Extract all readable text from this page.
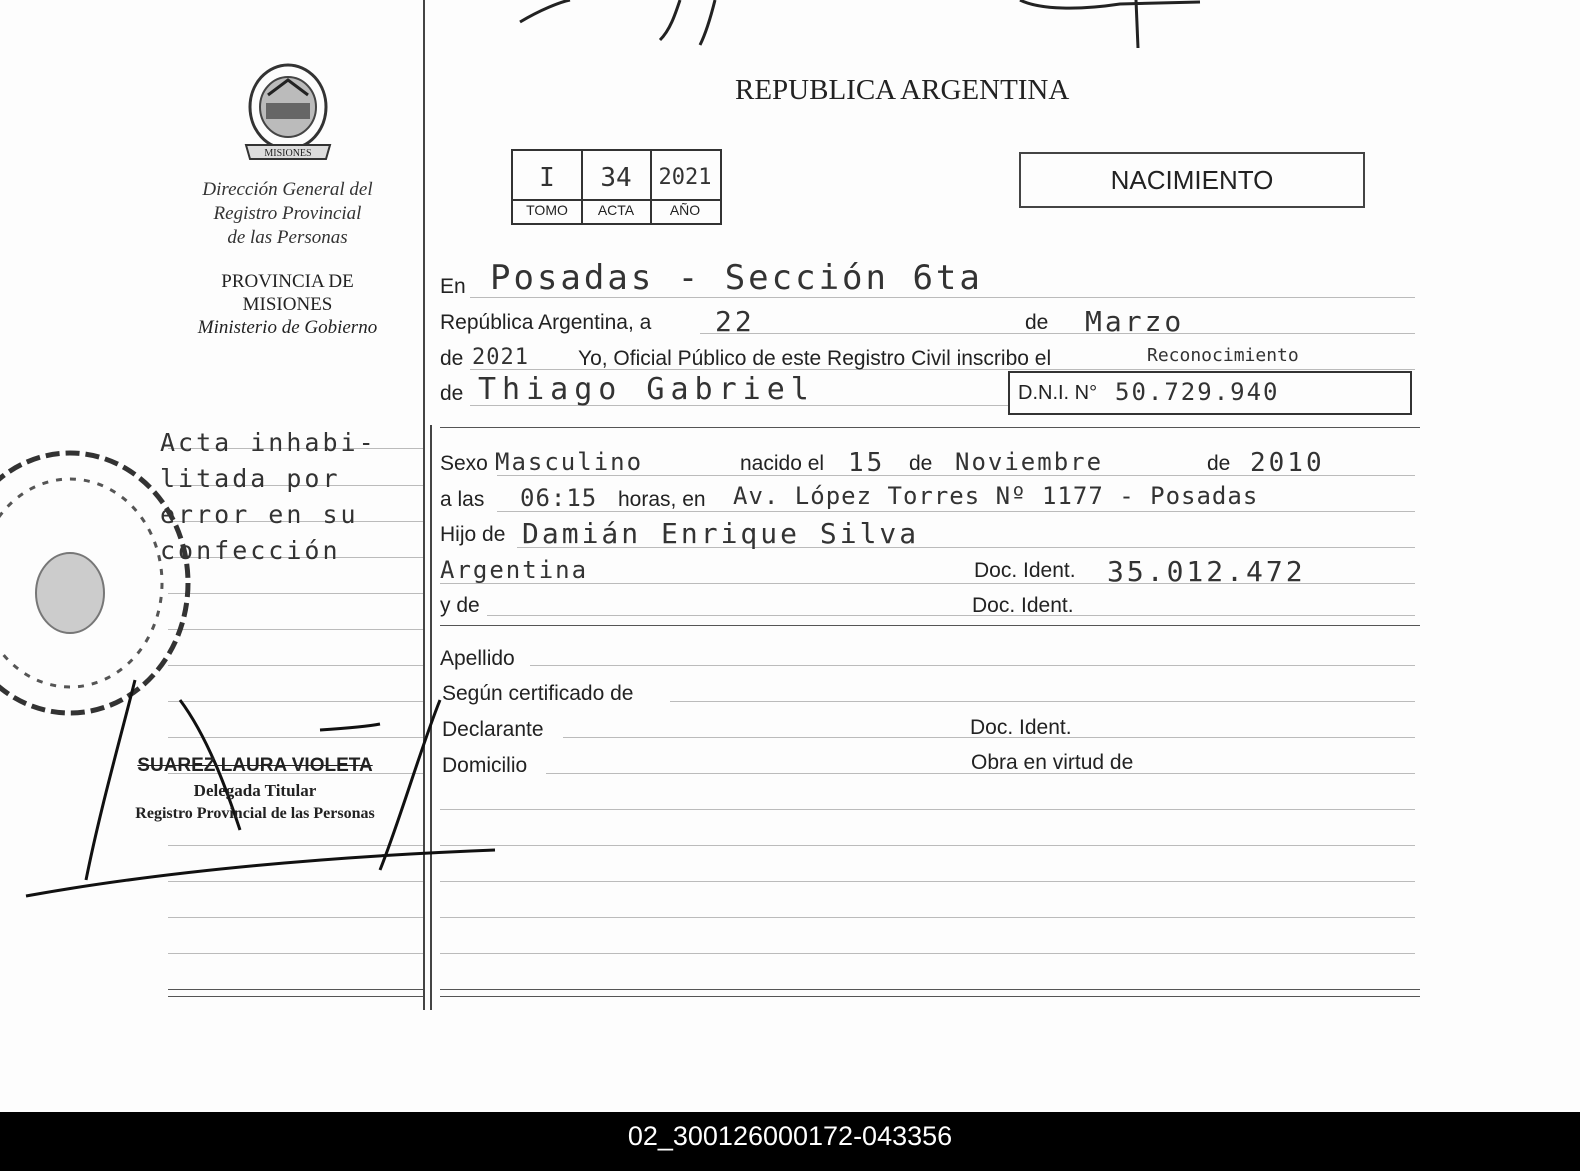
MISIONES
Dirección General del
Registro Provincial
de las Personas
PROVINCIA DE
MISIONES
Ministerio de Gobierno
Acta inhabi-
litada por
error en su
confección
SUAREZ LAURA VIOLETA
Delegada Titular
Registro Provincial de las Personas
REPUBLICA ARGENTINA
I	34	2021
TOMO	ACTA	AÑO
NACIMIENTO
En Posadas - Sección 6ta
República Argentina, a 22	de Marzo
de 2021 Yo, Oficial Público de este Registro Civil inscribo el	Reconocimiento
de Thiago Gabriel	D.N.I. N° 50.729.940
Sexo Masculino	nacido el 15 de Noviembre	de 2010
a las 06:15 horas, en Av. López Torres Nº 1177 - Posadas
Hijo de Damián Enrique Silva
Argentina	Doc. Ident. 35.012.472
y de	Doc. Ident.
Apellido
Según certificado de
Declarante	Doc. Ident.
Domicilio	Obra en virtud de
02_300126000172-043356
